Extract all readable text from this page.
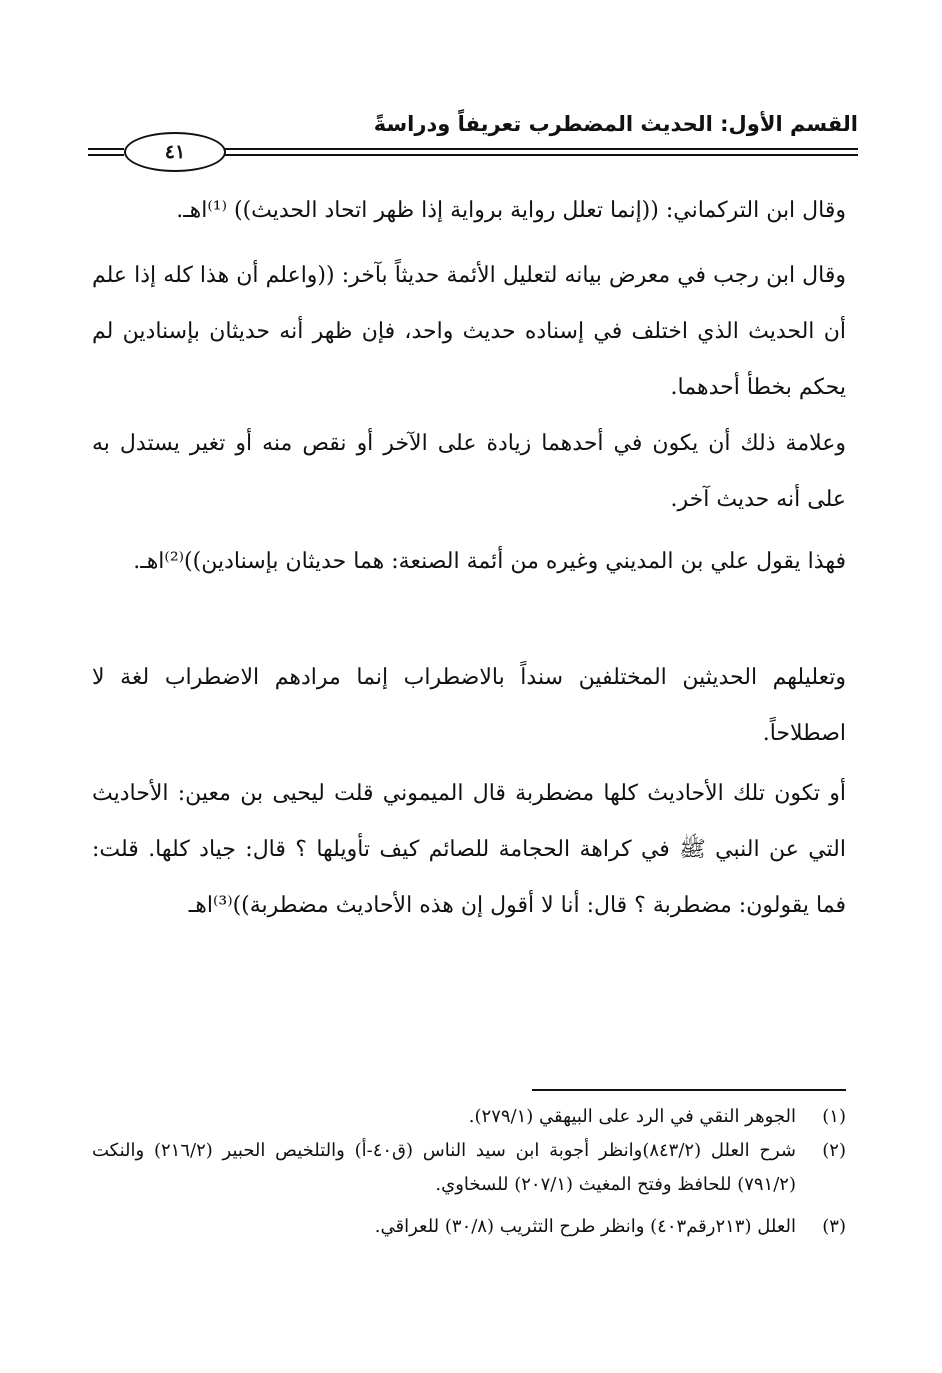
القسم الأول: الحديث المضطرب تعريفاً ودراسةً
٤١

وقال ابن التركماني: ((إنما تعلل رواية برواية إذا ظهر اتحاد الحديث)) ⁽¹⁾اهـ.

وقال ابن رجب في معرض بيانه لتعليل الأئمة حديثاً بآخر: ((واعلم أن هذا كله إذا علم أن الحديث الذي اختلف في إسناده حديث واحد، فإن ظهر أنه حديثان بإسنادين لم يحكم بخطأ أحدهما.

وعلامة ذلك أن يكون في أحدهما زيادة على الآخر أو نقص منه أو تغير يستدل به على أنه حديث آخر.

فهذا يقول علي بن المديني وغيره من أئمة الصنعة: هما حديثان بإسنادين))⁽²⁾اهـ.

وتعليلهم الحديثين المختلفين سنداً بالاضطراب إنما مرادهم الاضطراب لغة لا اصطلاحاً.

أو تكون تلك الأحاديث كلها مضطربة قال الميموني قلت ليحيى بن معين: الأحاديث التي عن النبي ﷺ في كراهة الحجامة للصائم كيف تأويلها ؟ قال: جياد كلها. قلت: فما يقولون: مضطربة ؟ قال: أنا لا أقول إن هذه الأحاديث مضطربة))⁽³⁾اهـ

(١)
الجوهر النقي في الرد على البيهقي (٢٧٩/١).
(٢)
شرح العلل (٨٤٣/٢)وانظر أجوبة ابن سيد الناس (ق٤٠-أ) والتلخيص الحبير (٢١٦/٢) والنكت (٧٩١/٢) للحافظ وفتح المغيث (٢٠٧/١) للسخاوي.
(٣)
العلل (٢١٣رقم٤٠٣) وانظر طرح التثريب (٣٠/٨) للعراقي.
